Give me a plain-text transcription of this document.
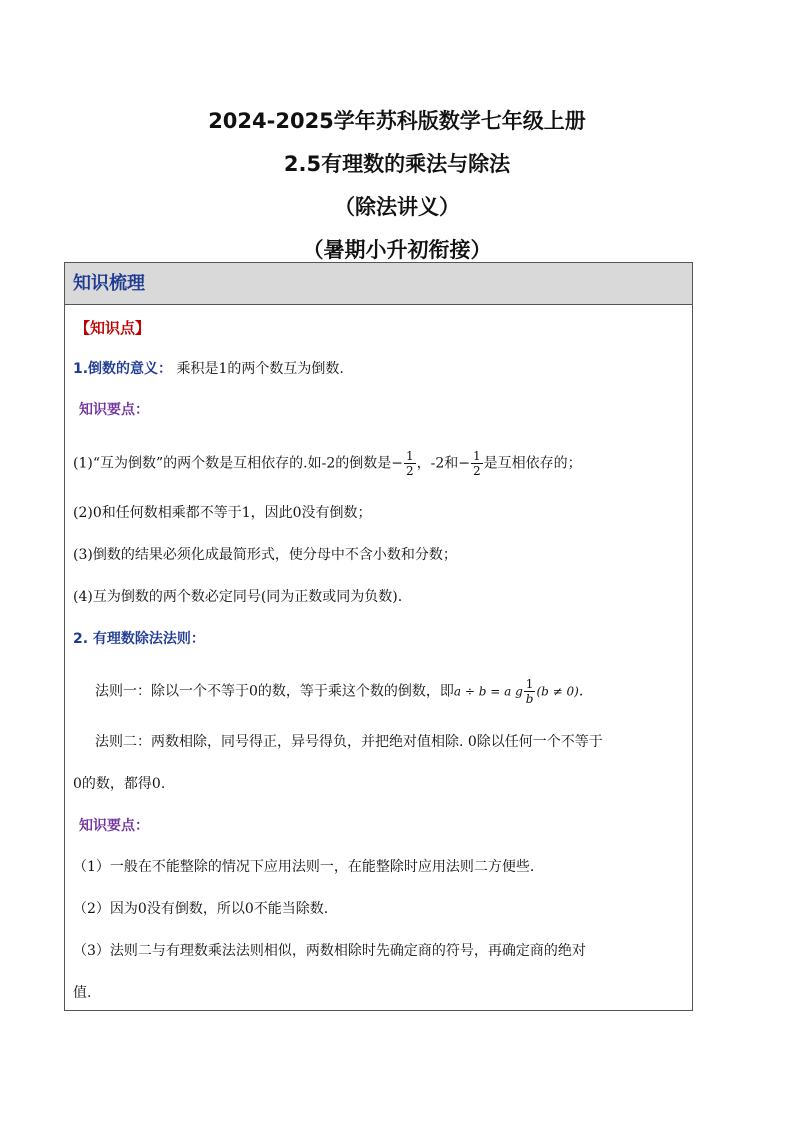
2024-2025学年苏科版数学七年级上册
2.5有理数的乘法与除法
（除法讲义）
（暑期小升初衔接）
知识梳理
【知识点】
1.倒数的意义： 乘积是1的两个数互为倒数.
知识要点：
(1)“互为倒数”的两个数是互相依存的.如-2的倒数是− $\frac{1}{2}$ ，-2和− $\frac{1}{2}$ 是互相依存的；
(2)0和任何数相乘都不等于1，因此0没有倒数；
(3)倒数的结果必须化成最简形式，使分母中不含小数和分数；
(4)互为倒数的两个数必定同号(同为正数或同为负数).
2. 有理数除法法则：
法则一：除以一个不等于0的数，等于乘这个数的倒数，即a ÷ b = a g $\frac{1}{b} (b \ne 0)$.
法则二：两数相除，同号得正，异号得负，并把绝对值相除. 0除以任何一个不等于
0的数，都得0.
知识要点：
（1）一般在不能整除的情况下应用法则一，在能整除时应用法则二方便些.
（2）因为0没有倒数，所以0不能当除数.
（3）法则二与有理数乘法法则相似，两数相除时先确定商的符号，再确定商的绝对
值.
